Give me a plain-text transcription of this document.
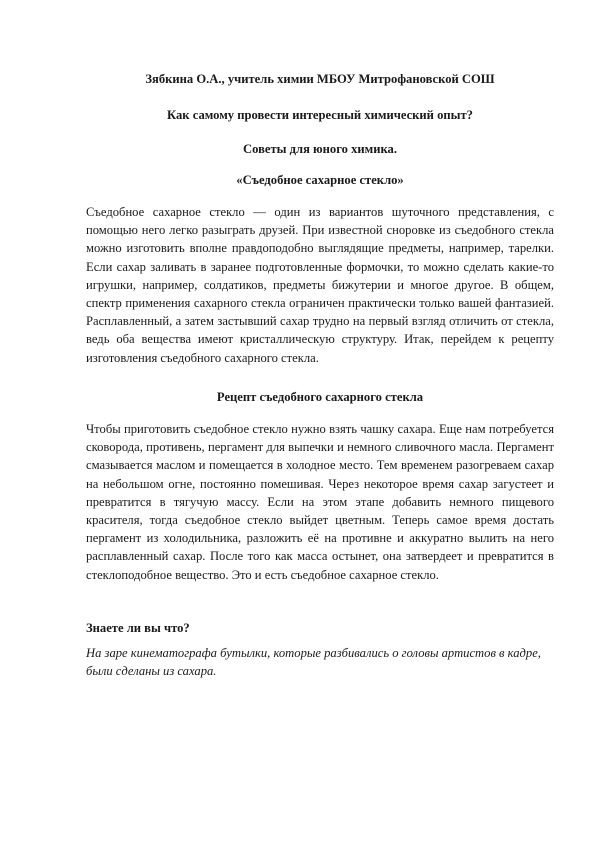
Зябкина О.А., учитель химии МБОУ Митрофановской СОШ
Как самому провести интересный химический опыт?
Советы для юного химика.
«Съедобное сахарное стекло»

Съедобное сахарное стекло — один из вариантов шуточного представления, с помощью него легко разыграть друзей. При известной сноровке из съедобного стекла можно изготовить вполне правдоподобно выглядящие предметы, например, тарелки. Если сахар заливать в заранее подготовленные формочки, то можно сделать какие-то игрушки, например, солдатиков, предметы бижутерии и многое другое. В общем, спектр применения сахарного стекла ограничен практически только вашей фантазией. Расплавленный, а затем застывший сахар трудно на первый взгляд отличить от стекла, ведь оба вещества имеют кристаллическую структуру. Итак, перейдем к рецепту изготовления съедобного сахарного стекла.

Рецепт съедобного сахарного стекла

Чтобы приготовить съедобное стекло нужно взять чашку сахара. Еще нам потребуется сковорода, противень, пергамент для выпечки и немного сливочного масла. Пергамент смазывается маслом и помещается в холодное место. Тем временем разогреваем сахар на небольшом огне, постоянно помешивая. Через некоторое время сахар загустеет и превратится в тягучую массу. Если на этом этапе добавить немного пищевого красителя, тогда съедобное стекло выйдет цветным. Теперь самое время достать пергамент из холодильника, разложить её на противне и аккуратно вылить на него расплавленный сахар. После того как масса остынет, она затвердеет и превратится в стеклоподобное вещество. Это и есть съедобное сахарное стекло.

Знаете ли вы что?

На заре кинематографа бутылки, которые разбивались о головы артистов в кадре, были сделаны из сахара.
